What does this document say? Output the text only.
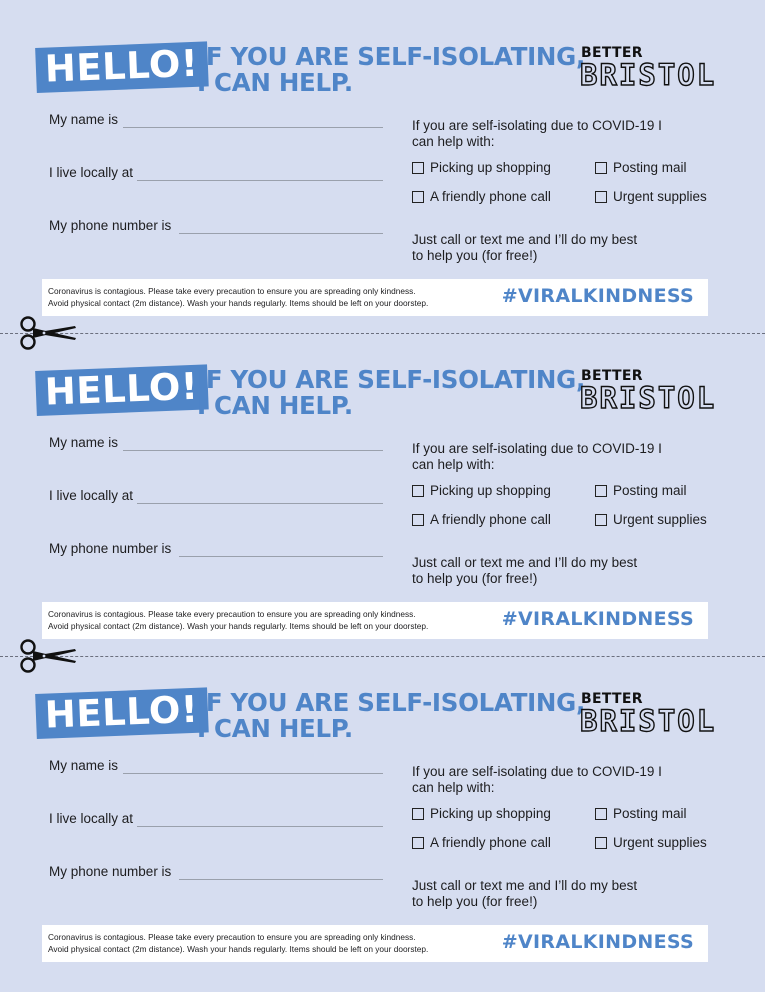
HELLO!
IF YOU ARE SELF-ISOLATING,
I CAN HELP.
BETTER
BRISTOL
My name is
I live locally at
My phone number is
If you are self-isolating due to COVID-19 I can help with:
Picking up shopping	Posting mail
A friendly phone call	Urgent supplies
Just call or text me and I’ll do my best to help you (for free!)
Coronavirus is contagious. Please take every precaution to ensure you are spreading only kindness.
Avoid physical contact (2m distance). Wash your hands regularly. Items should be left on your doorstep.	#VIRALKINDNESS
HELLO!
IF YOU ARE SELF-ISOLATING,
I CAN HELP.
BETTER
BRISTOL
My name is
I live locally at
My phone number is
If you are self-isolating due to COVID-19 I can help with:
Picking up shopping	Posting mail
A friendly phone call	Urgent supplies
Just call or text me and I’ll do my best to help you (for free!)
Coronavirus is contagious. Please take every precaution to ensure you are spreading only kindness.
Avoid physical contact (2m distance). Wash your hands regularly. Items should be left on your doorstep.	#VIRALKINDNESS
HELLO!
IF YOU ARE SELF-ISOLATING,
I CAN HELP.
BETTER
BRISTOL
My name is
I live locally at
My phone number is
If you are self-isolating due to COVID-19 I can help with:
Picking up shopping	Posting mail
A friendly phone call	Urgent supplies
Just call or text me and I’ll do my best to help you (for free!)
Coronavirus is contagious. Please take every precaution to ensure you are spreading only kindness.
Avoid physical contact (2m distance). Wash your hands regularly. Items should be left on your doorstep.	#VIRALKINDNESS
